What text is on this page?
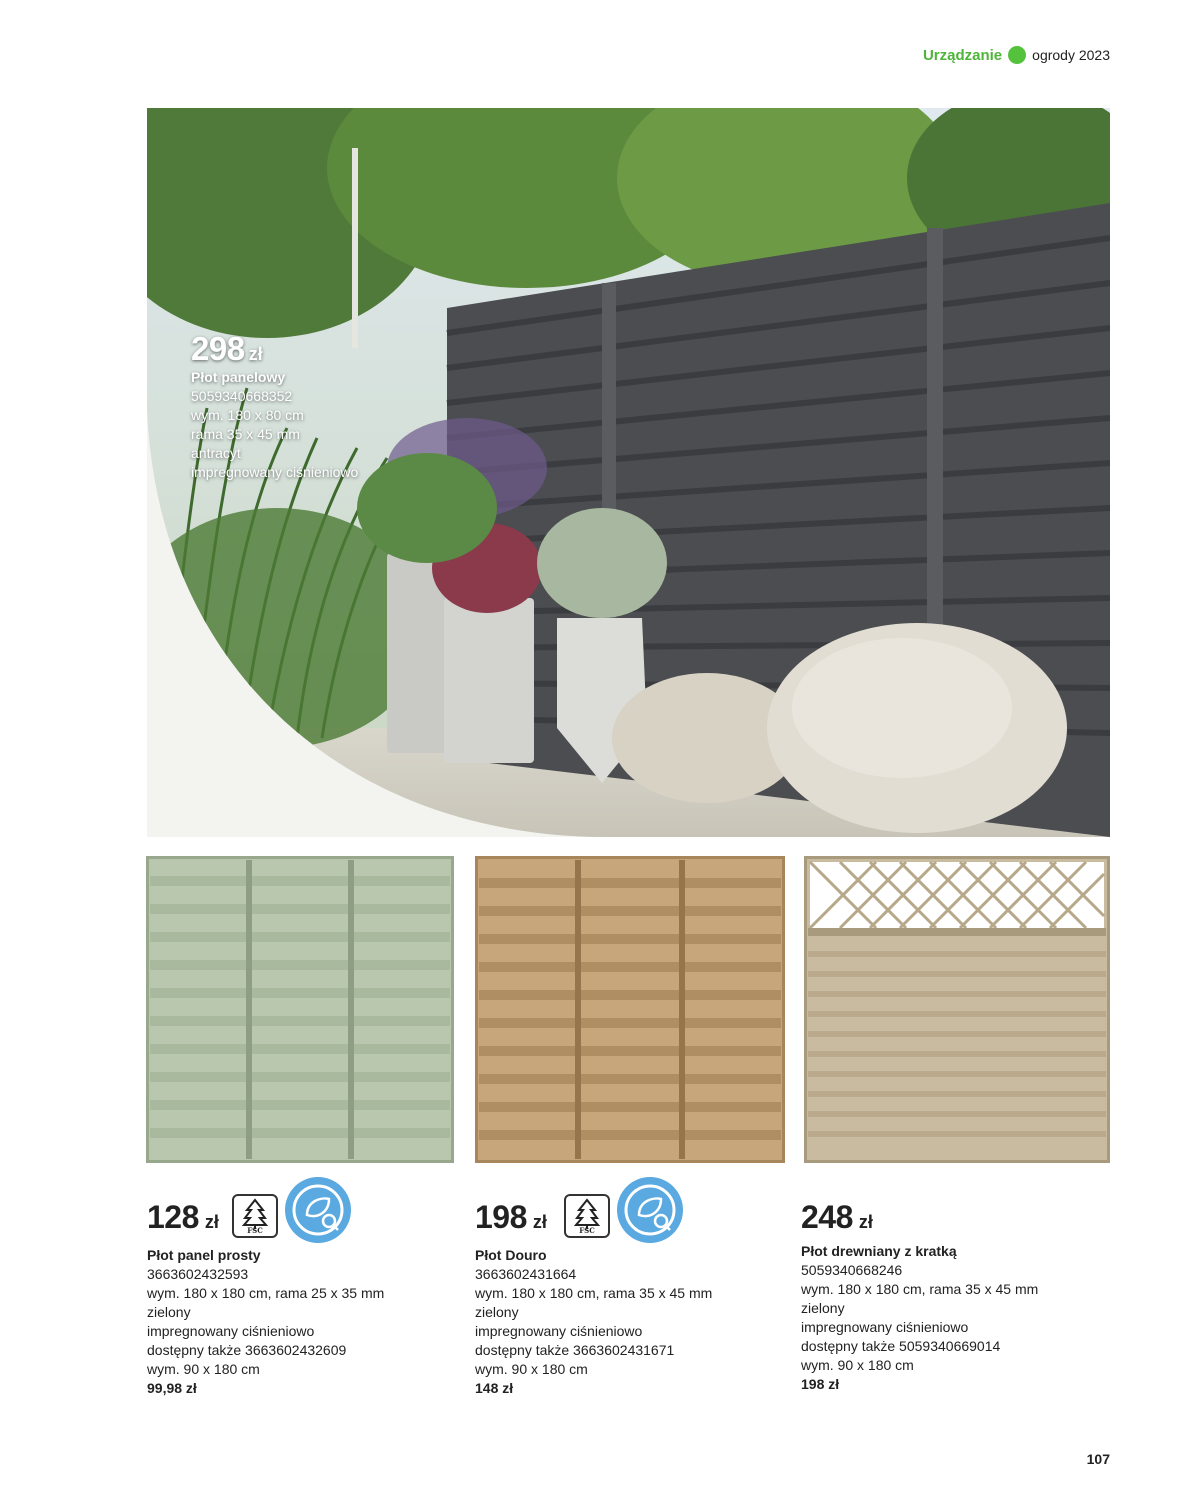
Urządzanie ogrody 2023
298 zł
Płot panelowy
5059340668352
wym. 180 x 80 cm
rama 35 x 45 mm
antracyt
impregnowany ciśnieniowo
FSC	FSC
128 zł
Płot panel prosty
3663602432593
wym. 180 x 180 cm, rama 25 x 35 mm
zielony
impregnowany ciśnieniowo
dostępny także 3663602432609
wym. 90 x 180 cm
99,98 zł
198 zł
Płot Douro
3663602431664
wym. 180 x 180 cm, rama 35 x 45 mm
zielony
impregnowany ciśnieniowo
dostępny także 3663602431671
wym. 90 x 180 cm
148 zł
248 zł
Płot drewniany z kratką
5059340668246
wym. 180 x 180 cm, rama 35 x 45 mm
zielony
impregnowany ciśnieniowo
dostępny także 5059340669014
wym. 90 x 180 cm
198 zł
107
